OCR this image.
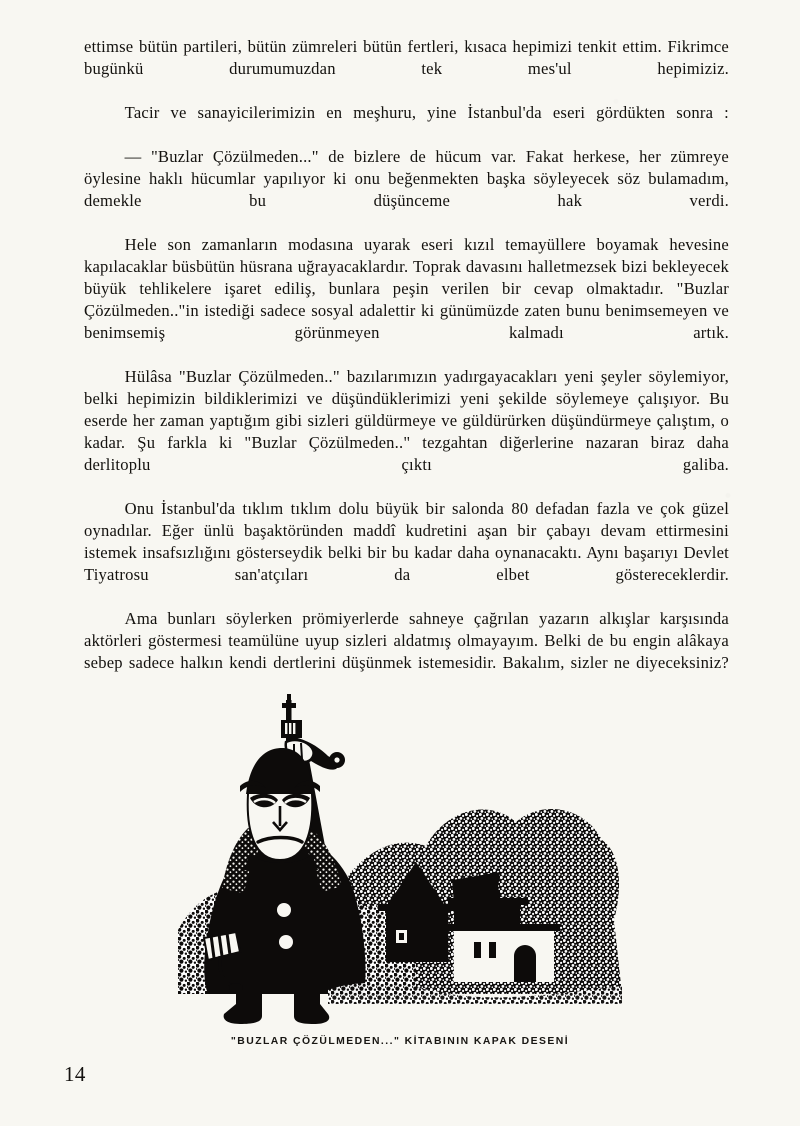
ettimse bütün partileri, bütün zümreleri bütün fertleri, kısaca hepimizi tenkit ettim. Fikrimce bugünkü durumumuzdan tek mes'ul hepimiziz.

Tacir ve sanayicilerimizin en meşhuru, yine İstanbul'da eseri gördükten sonra :

— "Buzlar Çözülmeden..." de bizlere de hücum var. Fakat herkese, her zümreye öylesine haklı hücumlar yapılıyor ki onu beğenmekten başka söyleyecek söz bulamadım, demekle bu düşünceme hak verdi.

Hele son zamanların modasına uyarak eseri kızıl temayüllere boyamak hevesine kapılacaklar büsbütün hüsrana uğrayacaklardır. Toprak davasını halletmezsek bizi bekleyecek büyük tehlikelere işaret ediliş, bunlara peşin verilen bir cevap olmaktadır. "Buzlar Çözülmeden.."in istediği sadece sosyal adalettir ki günümüzde zaten bunu benimsemeyen ve benimsemiş görünmeyen kalmadı artık.

Hülâsa "Buzlar Çözülmeden.." bazılarımızın yadırgayacakları yeni şeyler söylemiyor, belki hepimizin bildiklerimizi ve düşündüklerimizi yeni şekilde söylemeye çalışıyor. Bu eserde her zaman yaptığım gibi sizleri güldürmeye ve güldürürken düşündürmeye çalıştım, o kadar. Şu farkla ki "Buzlar Çözülmeden.." tezgahtan diğerlerine nazaran biraz daha derlitoplu çıktı galiba.

Onu İstanbul'da tıklım tıklım dolu büyük bir salonda 80 defadan fazla ve çok güzel oynadılar. Eğer ünlü başaktöründen maddî kudretini aşan bir çabayı devam ettirmesini istemek insafsızlığını gösterseydik belki bir bu kadar daha oynanacaktı. Aynı başarıyı Devlet Tiyatrosu san'atçıları da elbet göstereceklerdir.

Ama bunları söylerken prömiyerlerde sahneye çağrılan yazarın alkışlar karşısında aktörleri göstermesi teamülüne uyup sizleri aldatmış olmayayım. Belki de bu engin alâkaya sebep sadece halkın kendi dertlerini düşünmek istemesidir. Bakalım, sizler ne diyeceksiniz?

"BUZLAR ÇÖZÜLMEDEN..." KİTABININ KAPAK DESENİ
14
